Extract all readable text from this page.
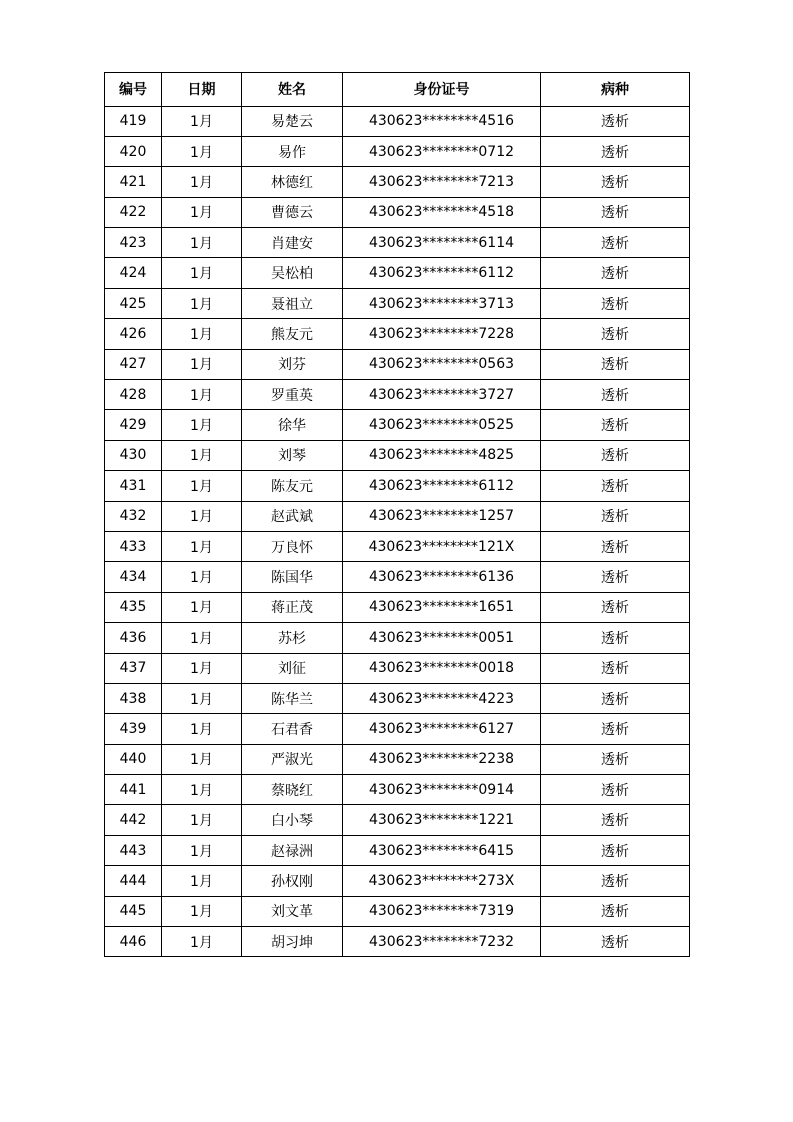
编号	日期	姓名	身份证号	病种
419	1月	易楚云	430623********4516	透析
420	1月	易作	430623********0712	透析
421	1月	林德红	430623********7213	透析
422	1月	曹德云	430623********4518	透析
423	1月	肖建安	430623********6114	透析
424	1月	吴松柏	430623********6112	透析
425	1月	聂祖立	430623********3713	透析
426	1月	熊友元	430623********7228	透析
427	1月	刘芬	430623********0563	透析
428	1月	罗重英	430623********3727	透析
429	1月	徐华	430623********0525	透析
430	1月	刘琴	430623********4825	透析
431	1月	陈友元	430623********6112	透析
432	1月	赵武斌	430623********1257	透析
433	1月	万良怀	430623********121X	透析
434	1月	陈国华	430623********6136	透析
435	1月	蒋正茂	430623********1651	透析
436	1月	苏杉	430623********0051	透析
437	1月	刘征	430623********0018	透析
438	1月	陈华兰	430623********4223	透析
439	1月	石君香	430623********6127	透析
440	1月	严淑光	430623********2238	透析
441	1月	蔡晓红	430623********0914	透析
442	1月	白小琴	430623********1221	透析
443	1月	赵禄洲	430623********6415	透析
444	1月	孙权刚	430623********273X	透析
445	1月	刘文革	430623********7319	透析
446	1月	胡习坤	430623********7232	透析
